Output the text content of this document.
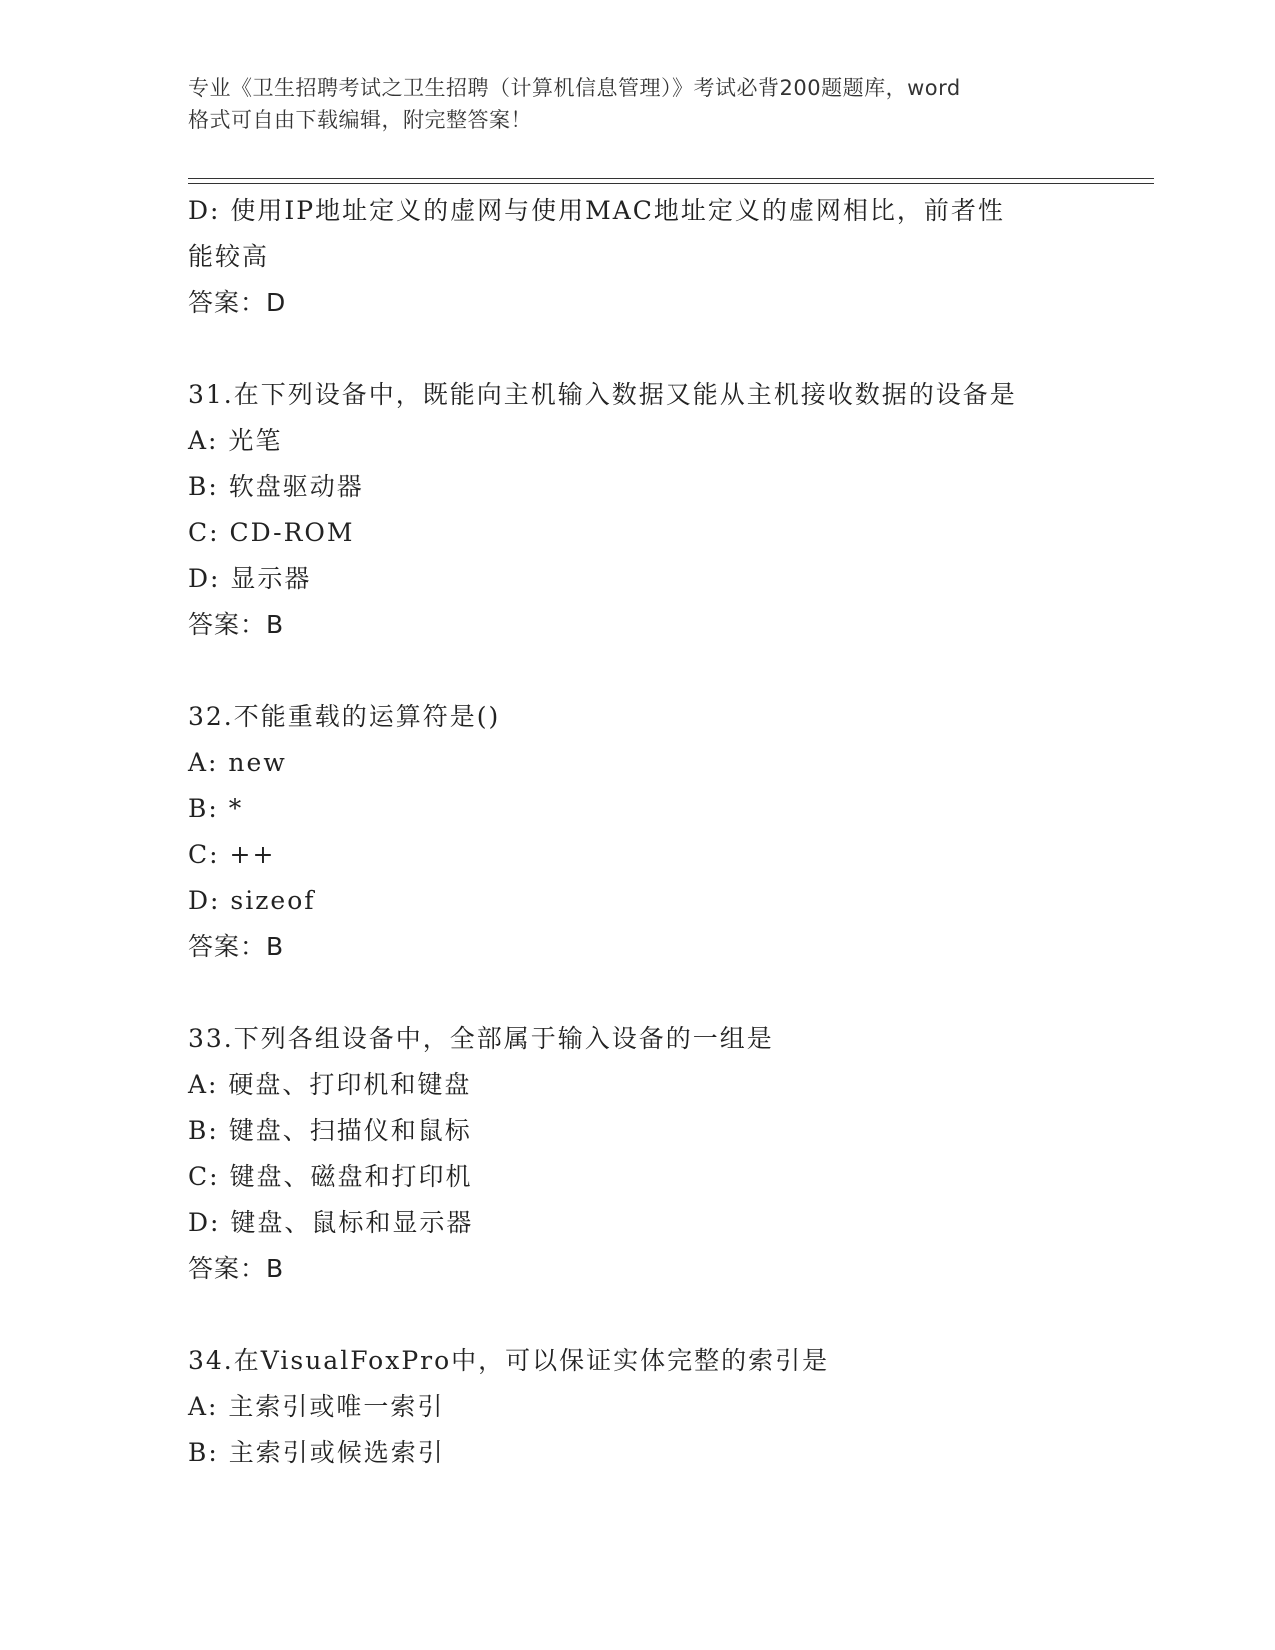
专业《卫生招聘考试之卫生招聘（计算机信息管理）》考试必背200题题库，word
格式可自由下载编辑，附完整答案！
D: 使用IP地址定义的虚网与使用MAC地址定义的虚网相比，前者性
能较高
答案：D
31.在下列设备中，既能向主机输入数据又能从主机接收数据的设备是
A: 光笔
B: 软盘驱动器
C: CD-ROM
D: 显示器
答案：B
32.不能重载的运算符是()
A: new
B: *
C: ++
D: sizeof
答案：B
33.下列各组设备中，全部属于输入设备的一组是
A: 硬盘、打印机和键盘
B: 键盘、扫描仪和鼠标
C: 键盘、磁盘和打印机
D: 键盘、鼠标和显示器
答案：B
34.在VisualFoxPro中，可以保证实体完整的索引是
A: 主索引或唯一索引
B: 主索引或候选索引
